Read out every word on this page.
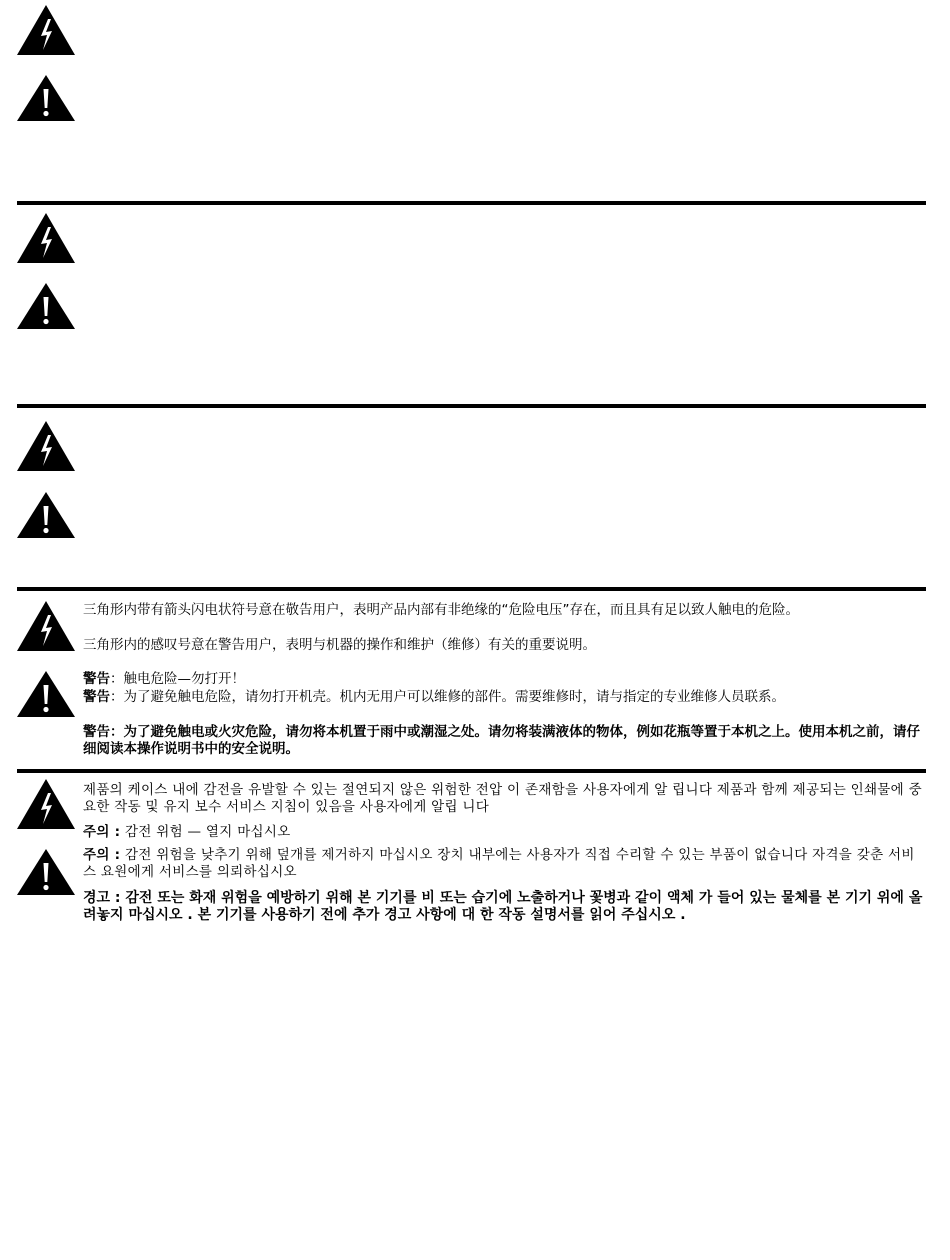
三角形内带有箭头闪电状符号意在敬告用户，表明产品内部有非绝缘的“危险电压”存在，而且具有足以致人触电的危险。

三角形内的感叹号意在警告用户，表明与机器的操作和维护（维修）有关的重要说明。

警告：触电危险—勿打开！

警告：为了避免触电危险，请勿打开机壳。机内无用户可以维修的部件。需要维修时，请与指定的专业维修人员联系。

警告：为了避免触电或火灾危险，请勿将本机置于雨中或潮湿之处。请勿将装满液体的物体，例如花瓶等置于本机之上。使用本机之前，请仔细阅读本操作说明书中的安全说明。

제품의 케이스 내에 감전을 유발할 수 있는 절연되지 않은 위험한 전압 이 존재함을 사용자에게 알 립니다 제품과 함께 제공되는 인쇄물에 중요한 작동 및 유지 보수 서비스 지침이 있음을 사용자에게 알립 니다

주의 : 감전 위험 — 열지 마십시오

주의 : 감전 위험을 낮추기 위해 덮개를 제거하지 마십시오 장치 내부에는 사용자가 직접 수리할 수 있는 부품이 없습니다 자격을 갖춘 서비스 요원에게 서비스를 의뢰하십시오

경고 : 감전 또는 화재 위험을 예방하기 위해 본 기기를 비 또는 습기에 노출하거나 꽃병과 같이 액체 가 들어 있는 물체를 본 기기 위에 올려놓지 마십시오 . 본 기기를 사용하기 전에 추가 경고 사항에 대 한 작동 설명서를 읽어 주십시오 .
